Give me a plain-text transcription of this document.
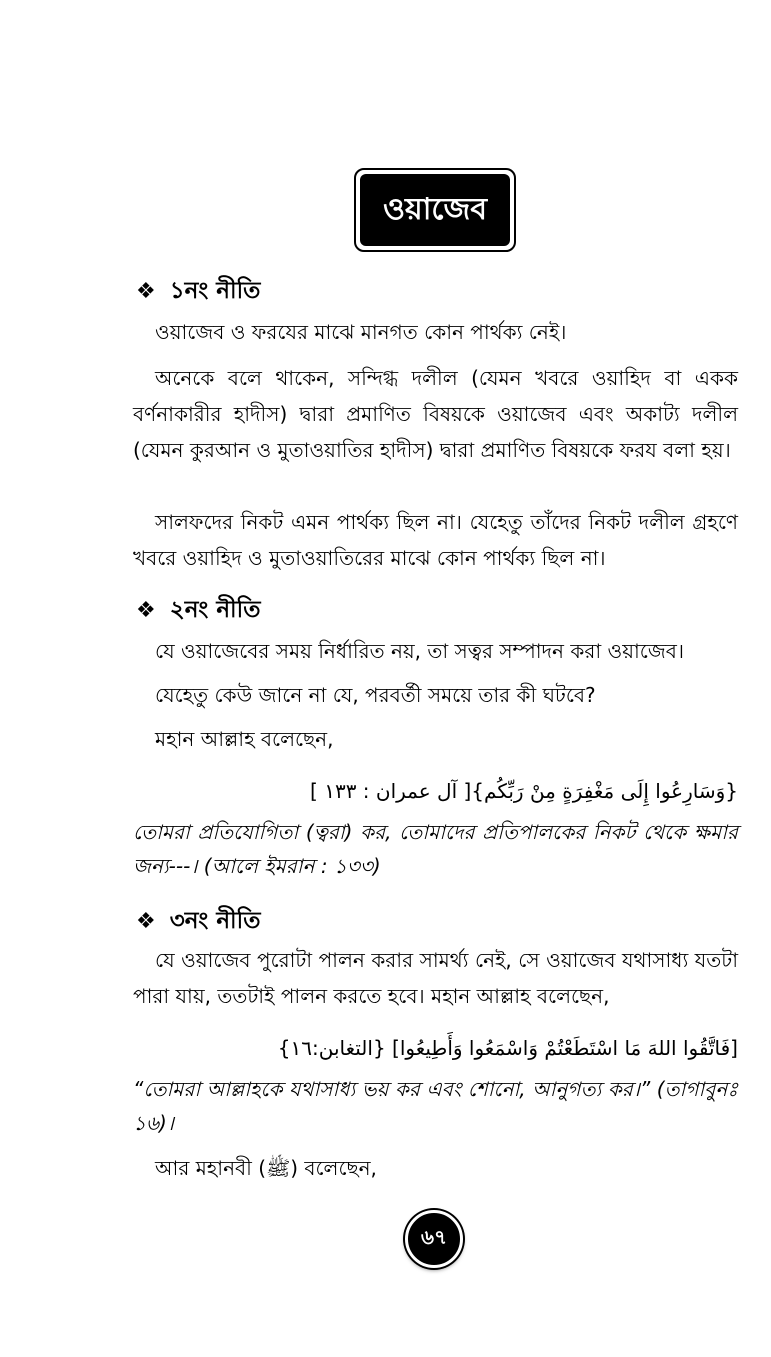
ওয়াজেব
❖ ১নং নীতি
ওয়াজেব ও ফরযের মাঝে মানগত কোন পার্থক্য নেই।
অনেকে বলে থাকেন, সন্দিগ্ধ দলীল (যেমন খবরে ওয়াহিদ বা একক বর্ণনাকারীর হাদীস) দ্বারা প্রমাণিত বিষয়কে ওয়াজেব এবং অকাট্য দলীল (যেমন কুরআন ও মুতাওয়াতির হাদীস) দ্বারা প্রমাণিত বিষয়কে ফরয বলা হয়।
সালফদের নিকট এমন পার্থক্য ছিল না। যেহেতু তাঁদের নিকট দলীল গ্রহণে খবরে ওয়াহিদ ও মুতাওয়াতিরের মাঝে কোন পার্থক্য ছিল না।
❖ ২নং নীতি
যে ওয়াজেবের সময় নির্ধারিত নয়, তা সত্বর সম্পাদন করা ওয়াজেব।
যেহেতু কেউ জানে না যে, পরবর্তী সময়ে তার কী ঘটবে?
মহান আল্লাহ বলেছেন,
{وَسَارِعُوا إِلَى مَغْفِرَةٍ مِنْ رَبِّكُم}[ آل عمران : ١٣٣ ]
তোমরা প্রতিযোগিতা (ত্বরা) কর, তোমাদের প্রতিপালকের নিকট থেকে ক্ষমার জন্য---। (আলে ইমরান : ১৩৩)
❖ ৩নং নীতি
যে ওয়াজেব পুরোটা পালন করার সামর্থ্য নেই, সে ওয়াজেব যথাসাধ্য যতটা পারা যায়, ততটাই পালন করতে হবে। মহান আল্লাহ বলেছেন,
[فَاتَّقُوا اللهَ مَا اسْتَطَعْتُمْ وَاسْمَعُوا وَأَطِيعُوا] {التغابن:١٦}
“তোমরা আল্লাহকে যথাসাধ্য ভয় কর এবং শোনো, আনুগত্য কর।” (তাগাবুনঃ ১৬)।
আর মহানবী (ﷺ) বলেছেন,
৬৭
